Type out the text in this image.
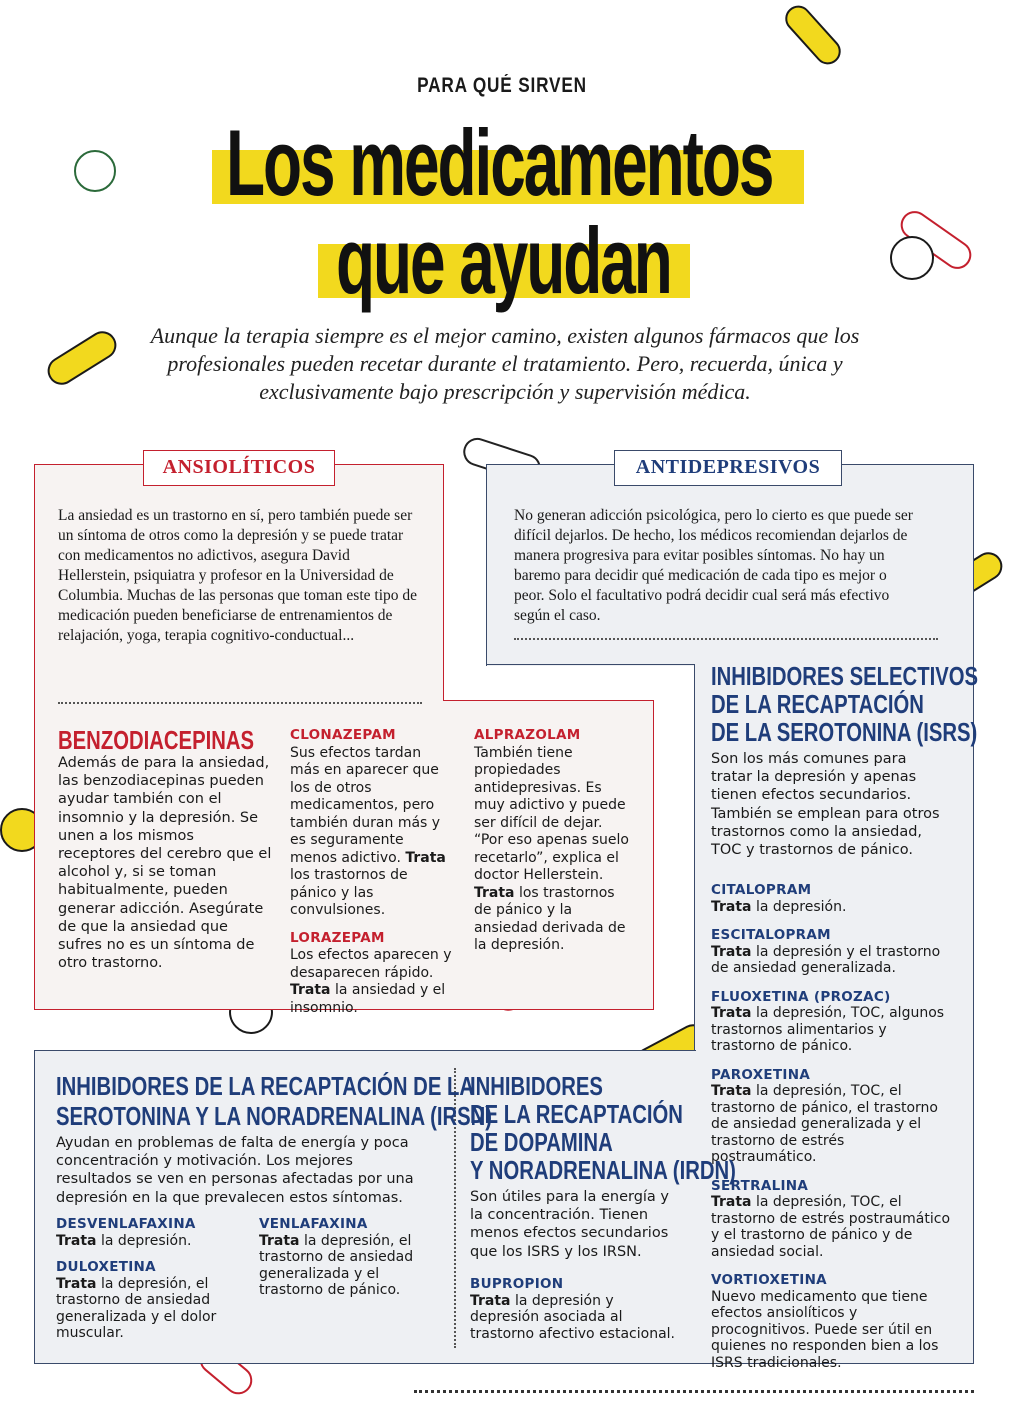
PARA QUÉ SIRVEN
Los medicamentos
que ayudan
Aunque la terapia siempre es el mejor camino, existen algunos fármacos que los profesionales pueden recetar durante el tratamiento. Pero, recuerda, única y exclusivamente bajo prescripción y supervisión médica.
ANSIOLÍTICOS
La ansiedad es un trastorno en sí, pero también puede ser un síntoma de otros como la depresión y se puede tratar con medicamentos no adictivos, asegura David Hellerstein, psiquiatra y profesor en la Universidad de Columbia. Muchas de las personas que toman este tipo de medicación pueden beneficiarse de entrenamientos de relajación, yoga, terapia cognitivo-conductual...
BENZODIACEPINAS
Además de para la ansiedad, las benzodiacepinas pueden ayudar también con el insomnio y la depresión. Se unen a los mismos receptores del cerebro que el alcohol y, si se toman habitualmente, pueden generar adicción. Asegúrate de que la ansiedad que sufres no es un síntoma de otro trastorno.
CLONAZEPAM
Sus efectos tardan más en aparecer que los de otros medicamentos, pero también duran más y es seguramente menos adictivo. Trata los trastornos de pánico y las convulsiones.
LORAZEPAM
Los efectos aparecen y desaparecen rápido. Trata la ansiedad y el insomnio.
ALPRAZOLAM
También tiene propiedades antidepresivas. Es muy adictivo y puede ser difícil de dejar. “Por eso apenas suelo recetarlo”, explica el doctor Hellerstein. Trata los trastornos de pánico y la ansiedad derivada de la depresión.
ANTIDEPRESIVOS
No generan adicción psicológica, pero lo cierto es que puede ser difícil dejarlos. De hecho, los médicos recomiendan dejarlos de manera progresiva para evitar posibles síntomas. No hay un baremo para decidir qué medicación de cada tipo es mejor o peor. Solo el facultativo podrá decidir cual será más efectivo según el caso.
INHIBIDORES SELECTIVOS
DE LA RECAPTACIÓN
DE LA SEROTONINA (ISRS)
Son los más comunes para tratar la depresión y apenas tienen efectos secundarios. También se emplean para otros trastornos como la ansiedad, TOC y trastornos de pánico.
CITALOPRAM
Trata la depresión.
ESCITALOPRAM
Trata la depresión y el trastorno de ansiedad generalizada.
FLUOXETINA (PROZAC)
Trata la depresión, TOC, algunos trastornos alimentarios y trastorno de pánico.
PAROXETINA
Trata la depresión, TOC, el trastorno de pánico, el trastorno de ansiedad generalizada y el trastorno de estrés postraumático.
SERTRALINA
Trata la depresión, TOC, el trastorno de estrés postraumático y el trastorno de pánico y de ansiedad social.
VORTIOXETINA
Nuevo medicamento que tiene efectos ansiolíticos y procognitivos. Puede ser útil en quienes no responden bien a los ISRS tradicionales.
INHIBIDORES DE LA RECAPTACIÓN DE LA
SEROTONINA Y LA NORADRENALINA (IRSN)
Ayudan en problemas de falta de energía y poca concentración y motivación. Los mejores resultados se ven en personas afectadas por una depresión en la que prevalecen estos síntomas.
DESVENLAFAXINA
Trata la depresión.
DULOXETINA
Trata la depresión, el trastorno de ansiedad generalizada y el dolor muscular.
VENLAFAXINA
Trata la depresión, el trastorno de ansiedad generalizada y el trastorno de pánico.
INHIBIDORES
DE LA RECAPTACIÓN
DE DOPAMINA
Y NORADRENALINA (IRDN)
Son útiles para la energía y la concentración. Tienen menos efectos secundarios que los ISRS y los IRSN.
BUPROPION
Trata la depresión y depresión asociada al trastorno afectivo estacional.
